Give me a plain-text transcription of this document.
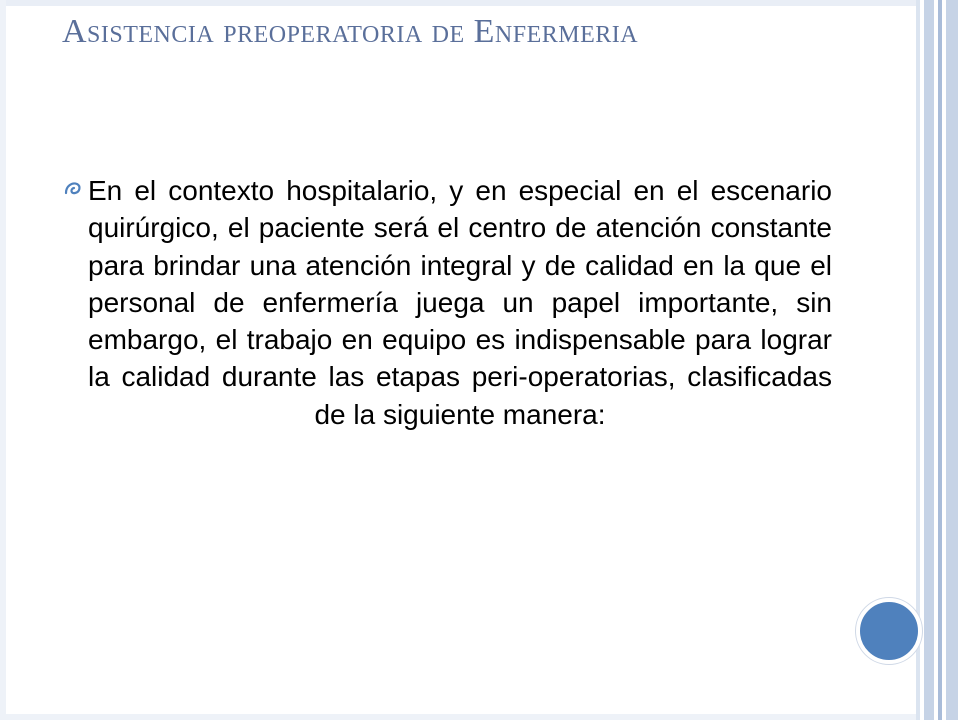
Asistencia preoperatoria de Enfermeria
En el contexto hospitalario, y en especial en el escenario quirúrgico, el paciente será el centro de atención constante para brindar una atención integral y de calidad en la que el personal de enfermería juega un papel importante, sin embargo, el trabajo en equipo es indispensable para lograr la calidad durante las etapas peri-operatorias, clasificadas de la siguiente manera:
